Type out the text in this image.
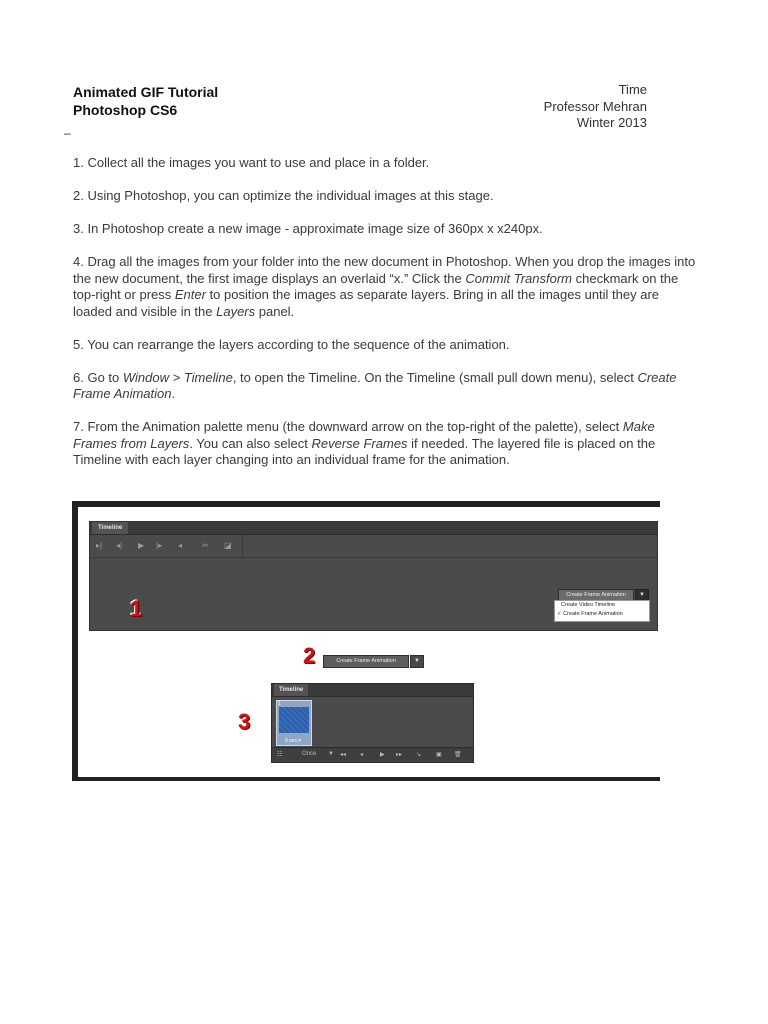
Animated GIF Tutorial
Photoshop CS6
Time
Professor Mehran
Winter 2013
–

1. Collect all the images you want to use and place in a folder.

2. Using Photoshop, you can optimize the individual images at this stage.

3. In Photoshop create a new image - approximate image size of 360px x x240px.

4. Drag all the images from your folder into the new document in Photoshop. When you drop the images into the new document, the first image displays an overlaid “x.” Click the Commit Transform checkmark on the top-right or press Enter to position the images as separate layers. Bring in all the images until they are loaded and visible in the Layers panel.

5. You can rearrange the layers according to the sequence of the animation.

6. Go to Window > Timeline, to open the Timeline. On the Timeline (small pull down menu), select Create Frame Animation.

7. From the Animation palette menu (the downward arrow on the top-right of the palette), select Make Frames from Layers. You can also select Reverse Frames if needed. The layered file is placed on the Timeline with each layer changing into an individual frame for the animation.

Timeline
▸| ◂| ▶ |▸ ◂ ✂ ◪
Create Frame Animation	▼
Create Video Timeline
✓ Create Frame Animation
1
2	Create Frame Animation	▼
3
Timeline
1
0 sec.▾
☷	Once ▼ ◂◂ ◂	▶ ▸▸ ↘ ▣ 🗑
